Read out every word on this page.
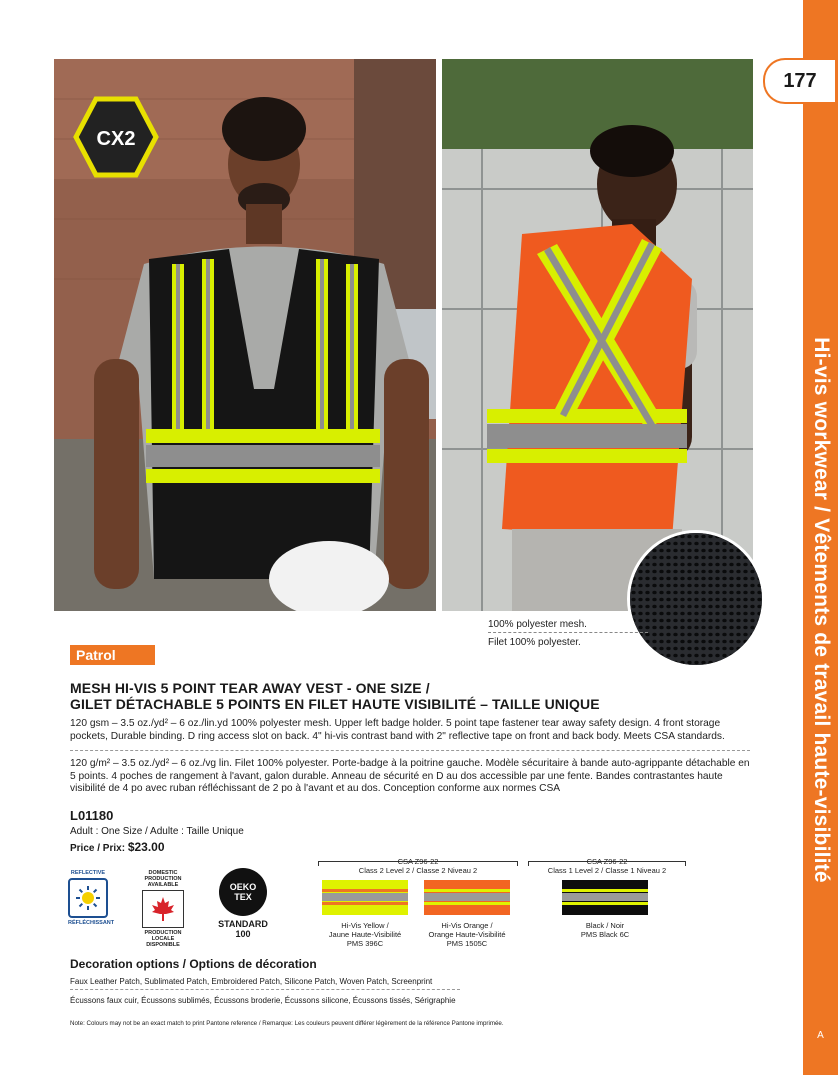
Hi-vis workwear / Vêtements de travail haute-visibilité
A
177
CX2
100% polyester mesh.
Filet 100% polyester.
Patrol
MESH HI-VIS 5 POINT TEAR AWAY VEST - ONE SIZE /
GILET DÉTACHABLE 5 POINTS EN FILET HAUTE VISIBILITÉ – TAILLE UNIQUE
120 gsm – 3.5 oz./yd² – 6 oz./lin.yd 100% polyester mesh. Upper left badge holder. 5 point tape fastener tear away safety design. 4 front storage pockets, Durable binding. D ring access slot on back. 4" hi-vis contrast band with 2" reflective tape on front and back body. Meets CSA standards.
120 g/m² – 3.5 oz./yd² – 6 oz./vg lin. Filet 100% polyester. Porte-badge à la poitrine gauche. Modèle sécuritaire à bande auto-agrippante détachable en 5 points. 4 poches de rangement à l'avant, galon durable. Anneau de sécurité en D au dos accessible par une fente. Bandes contrastantes haute visibilité de 4 po avec ruban réfléchissant de 2 po à l'avant et au dos. Conception conforme aux normes CSA
L01180
Adult : One Size / Adulte : Taille Unique
Price / Prix: $23.00
REFLECTIVE
RÉFLÉCHISSANT
DOMESTIC PRODUCTION AVAILABLE
PRODUCTION LOCALE DISPONIBLE
OEKO
TEX
STANDARD
100
CSA Z96-22
Class 2 Level 2 / Classe 2 Niveau 2
Hi-Vis Yellow /
Jaune Haute-Visibilité
PMS 396C
Hi-Vis Orange /
Orange Haute-Visibilité
PMS 1505C
CSA Z96-22
Class 1 Level 2 / Classe 1 Niveau 2
Black / Noir
PMS Black 6C
Decoration options / Options de décoration
Faux Leather Patch, Sublimated Patch, Embroidered Patch, Silicone Patch, Woven Patch, Screenprint
Écussons faux cuir, Écussons sublimés, Écussons broderie, Écussons silicone, Écussons tissés, Sérigraphie
Note: Colours may not be an exact match to print Pantone reference / Remarque: Les couleurs peuvent différer légèrement de la référence Pantone imprimée.
